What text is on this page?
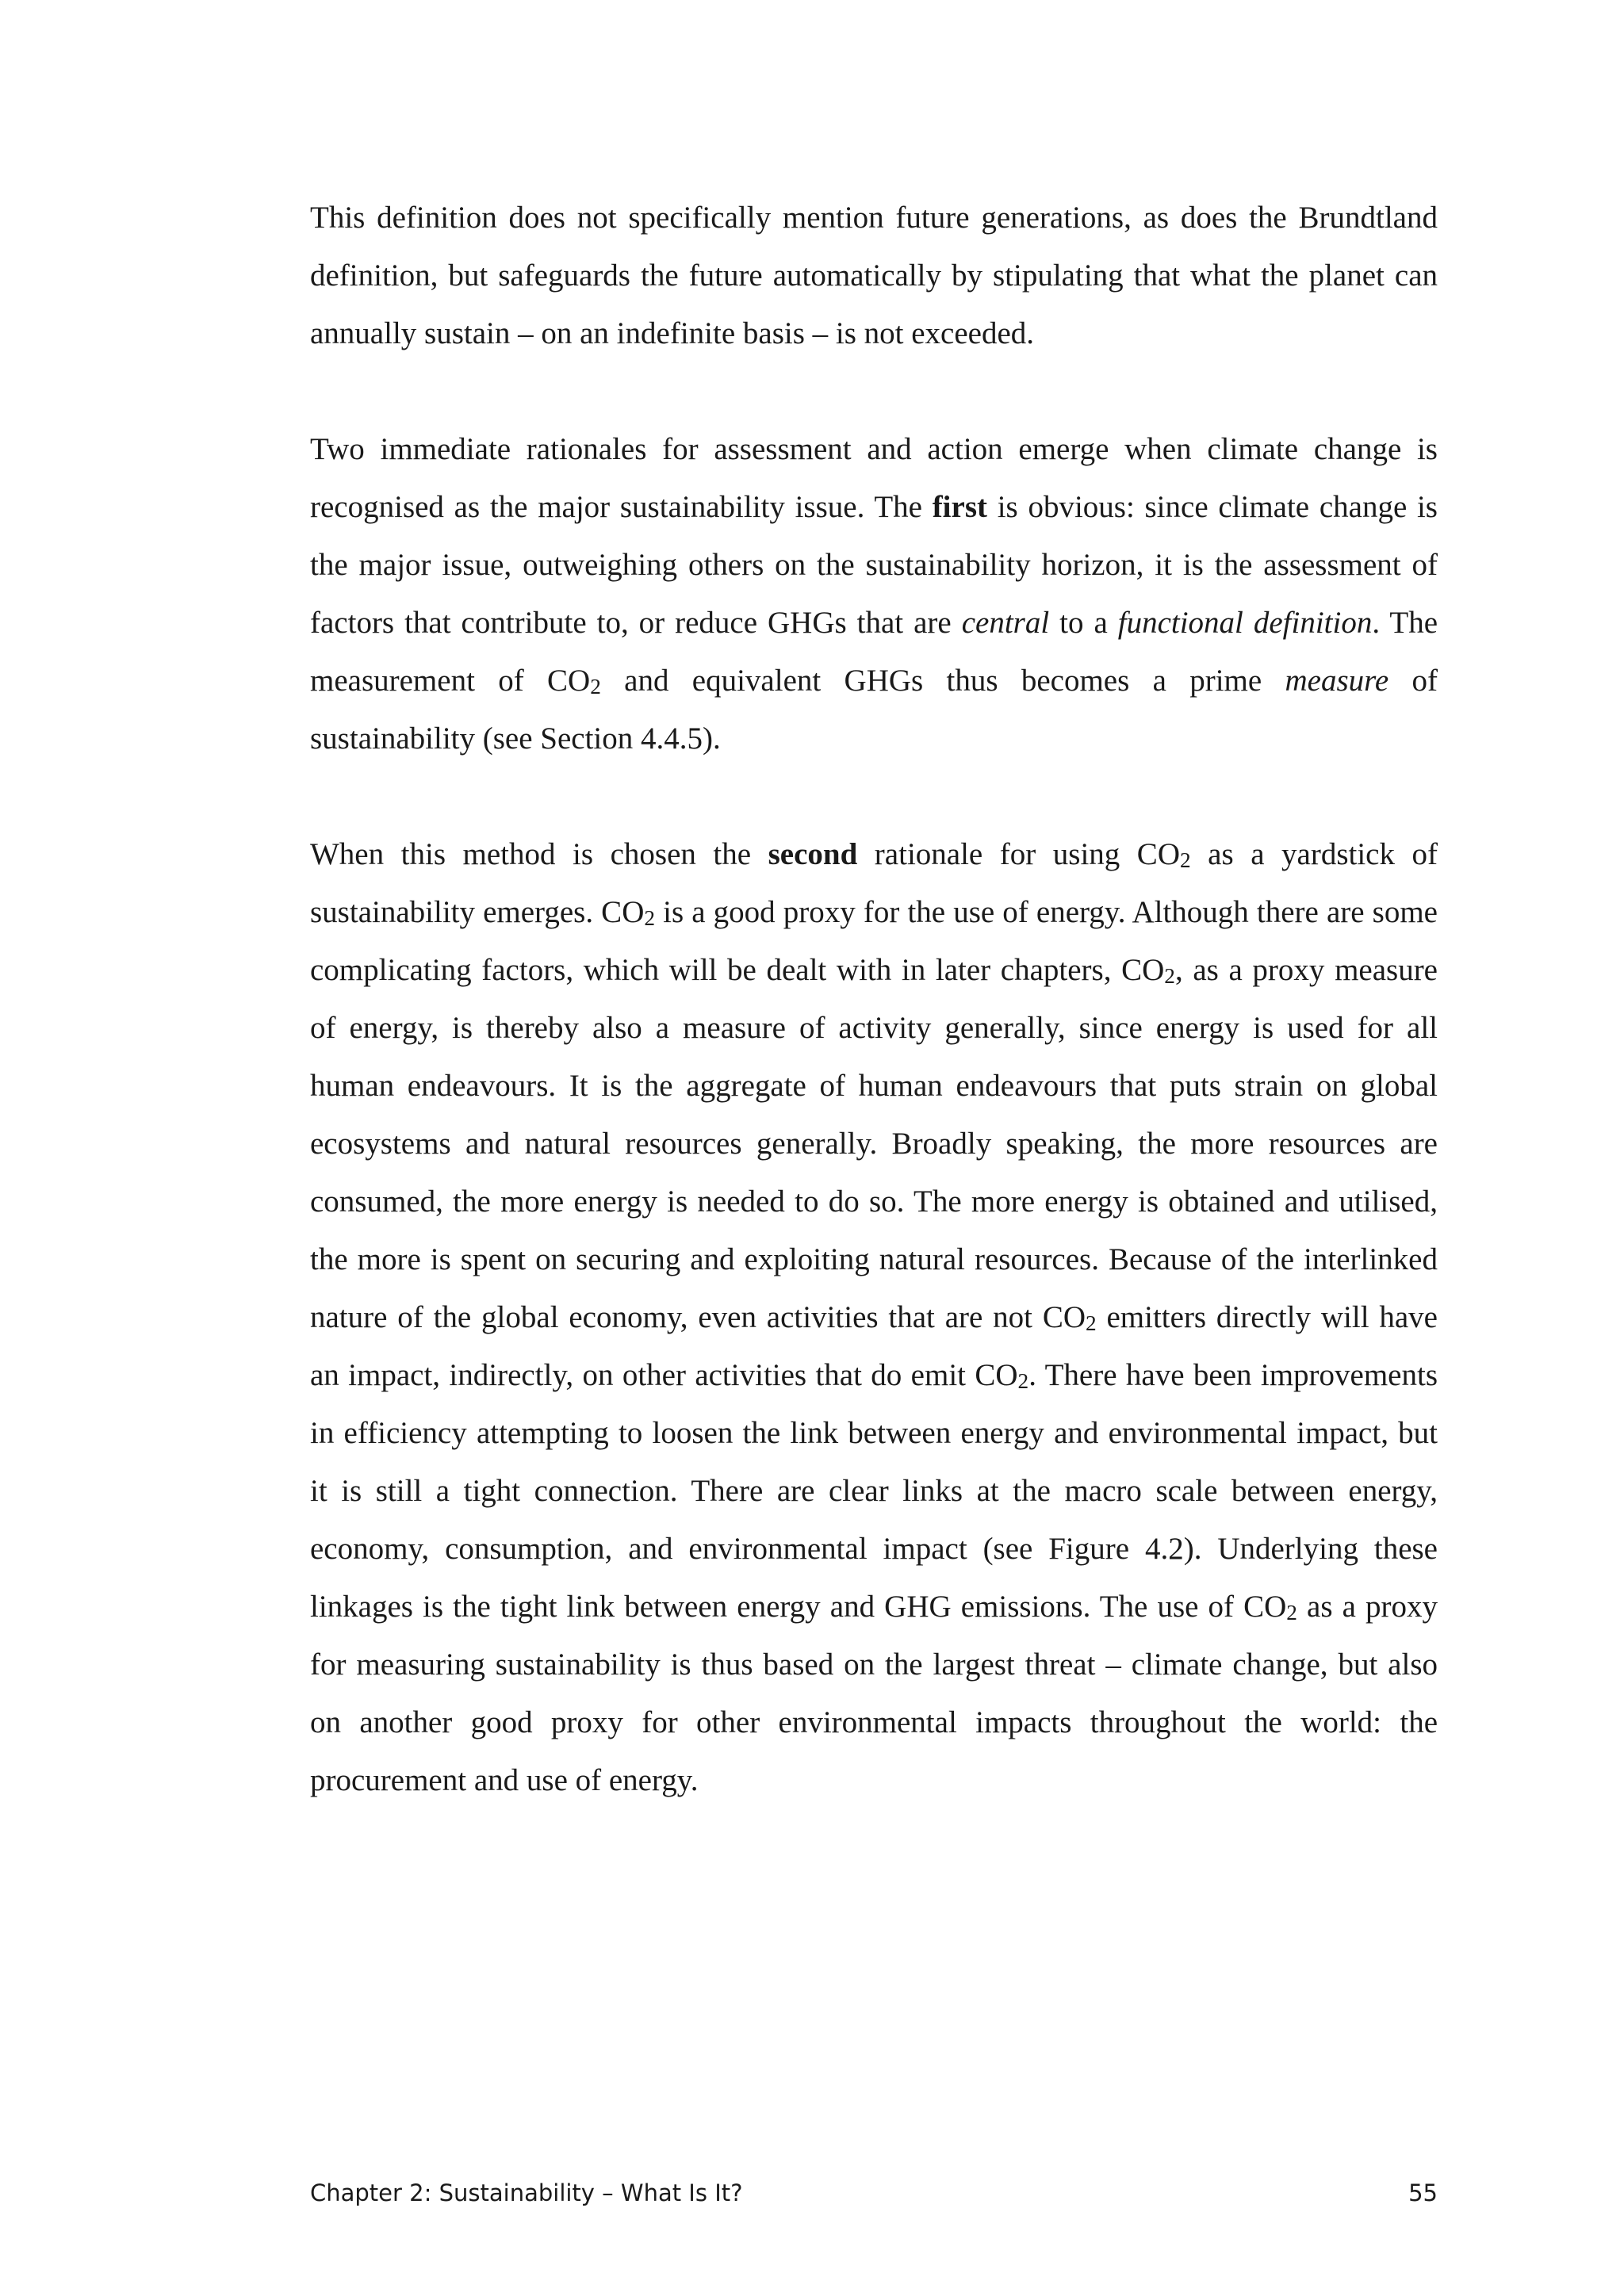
This definition does not specifically mention future generations, as does the Brundtland definition, but safeguards the future automatically by stipulating that what the planet can annually sustain – on an indefinite basis – is not exceeded.

Two immediate rationales for assessment and action emerge when climate change is recognised as the major sustainability issue. The first is obvious: since climate change is the major issue, outweighing others on the sustainability horizon, it is the assessment of factors that contribute to, or reduce GHGs that are central to a functional definition. The measurement of $CO_2$ and equivalent GHGs thus becomes a prime measure of sustainability (see Section 4.4.5).

When this method is chosen the second rationale for using $CO_2$ as a yardstick of sustainability emerges. $CO_2$ is a good proxy for the use of energy. Although there are some complicating factors, which will be dealt with in later chapters, $CO_2$, as a proxy measure of energy, is thereby also a measure of activity generally, since energy is used for all human endeavours. It is the aggregate of human endeavours that puts strain on global ecosystems and natural resources generally. Broadly speaking, the more resources are consumed, the more energy is needed to do so. The more energy is obtained and utilised, the more is spent on securing and exploiting natural resources. Because of the interlinked nature of the global economy, even activities that are not $CO_2$ emitters directly will have an impact, indirectly, on other activities that do emit $CO_2$. There have been improvements in efficiency attempting to loosen the link between energy and environmental impact, but it is still a tight connection. There are clear links at the macro scale between energy, economy, consumption, and environmental impact (see Figure 4.2). Underlying these linkages is the tight link between energy and GHG emissions. The use of $CO_2$ as a proxy for measuring sustainability is thus based on the largest threat – climate change, but also on another good proxy for other environmental impacts throughout the world: the procurement and use of energy.

Chapter 2: Sustainability – What Is It?	55
